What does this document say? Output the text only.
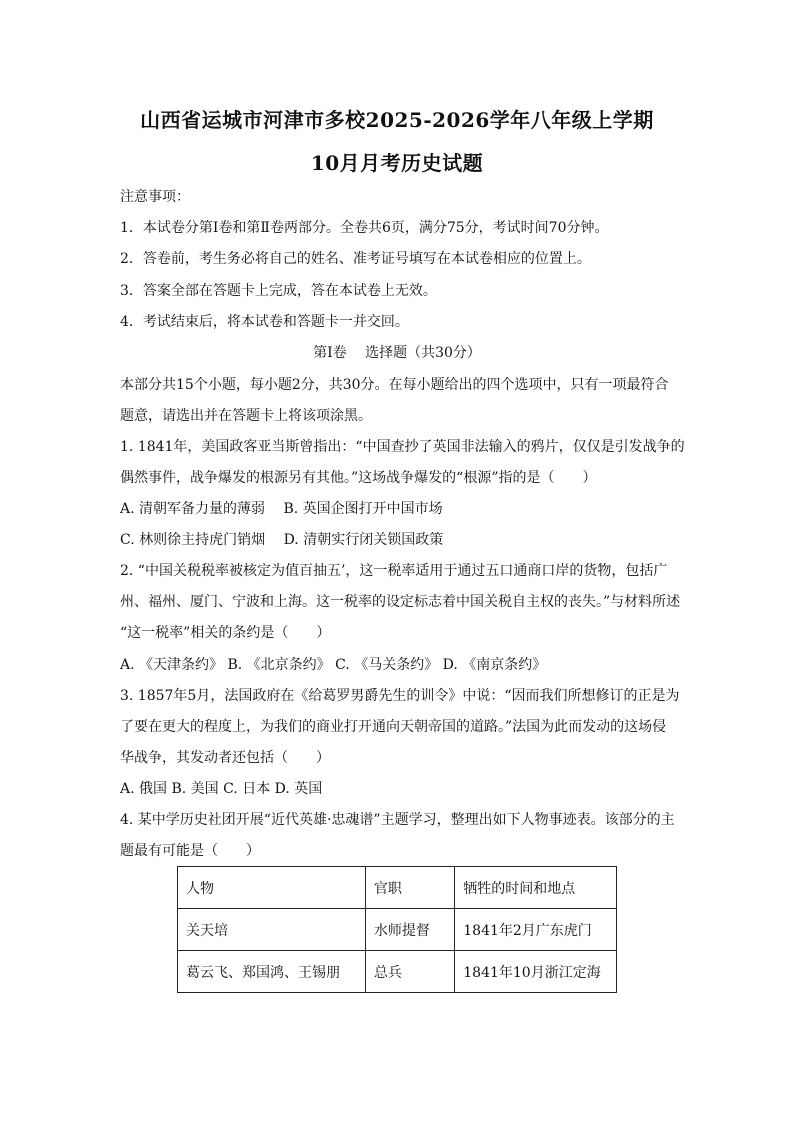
山西省运城市河津市多校2025-2026学年八年级上学期
10月月考历史试题
注意事项：
1．本试卷分第Ⅰ卷和第Ⅱ卷两部分。全卷共6页，满分75分，考试时间70分钟。
2．答卷前，考生务必将自己的姓名、准考证号填写在本试卷相应的位置上。
3．答案全部在答题卡上完成，答在本试卷上无效。
4．考试结束后，将本试卷和答题卡一并交回。
第Ⅰ卷　 选择题（共30分）
本部分共15个小题，每小题2分，共30分。在每小题给出的四个选项中，只有一项最符合
题意，请选出并在答题卡上将该项涂黑。
1. 1841年，美国政客亚当斯曾指出：“中国查抄了英国非法输入的鸦片，仅仅是引发战争的
偶然事件，战争爆发的根源另有其他。”这场战争爆发的“根源”指的是（　　）
A. 清朝军备力量的薄弱　 B. 英国企图打开中国市场
C. 林则徐主持虎门销烟　 D. 清朝实行闭关锁国政策
2. “中国关税税率被核定为值百抽五’，这一税率适用于通过五口通商口岸的货物，包括广
州、福州、厦门、宁波和上海。这一税率的设定标志着中国关税自主权的丧失。”与材料所述
“这一税率”相关的条约是（　　）
A. 《天津条约》 B. 《北京条约》 C. 《马关条约》 D. 《南京条约》
3. 1857年5月，法国政府在《给葛罗男爵先生的训令》中说：“因而我们所想修订的正是为
了要在更大的程度上，为我们的商业打开通向天朝帝国的道路。”法国为此而发动的这场侵
华战争，其发动者还包括（　　）
A. 俄国 B. 美国 C. 日本 D. 英国
4. 某中学历史社团开展“近代英雄·忠魂谱”主题学习，整理出如下人物事迹表。该部分的主
题最有可能是（　　）
人物	官职	牺牲的时间和地点
关天培	水师提督	1841年2月广东虎门
葛云飞、郑国鸿、王锡朋	总兵	1841年10月浙江定海
